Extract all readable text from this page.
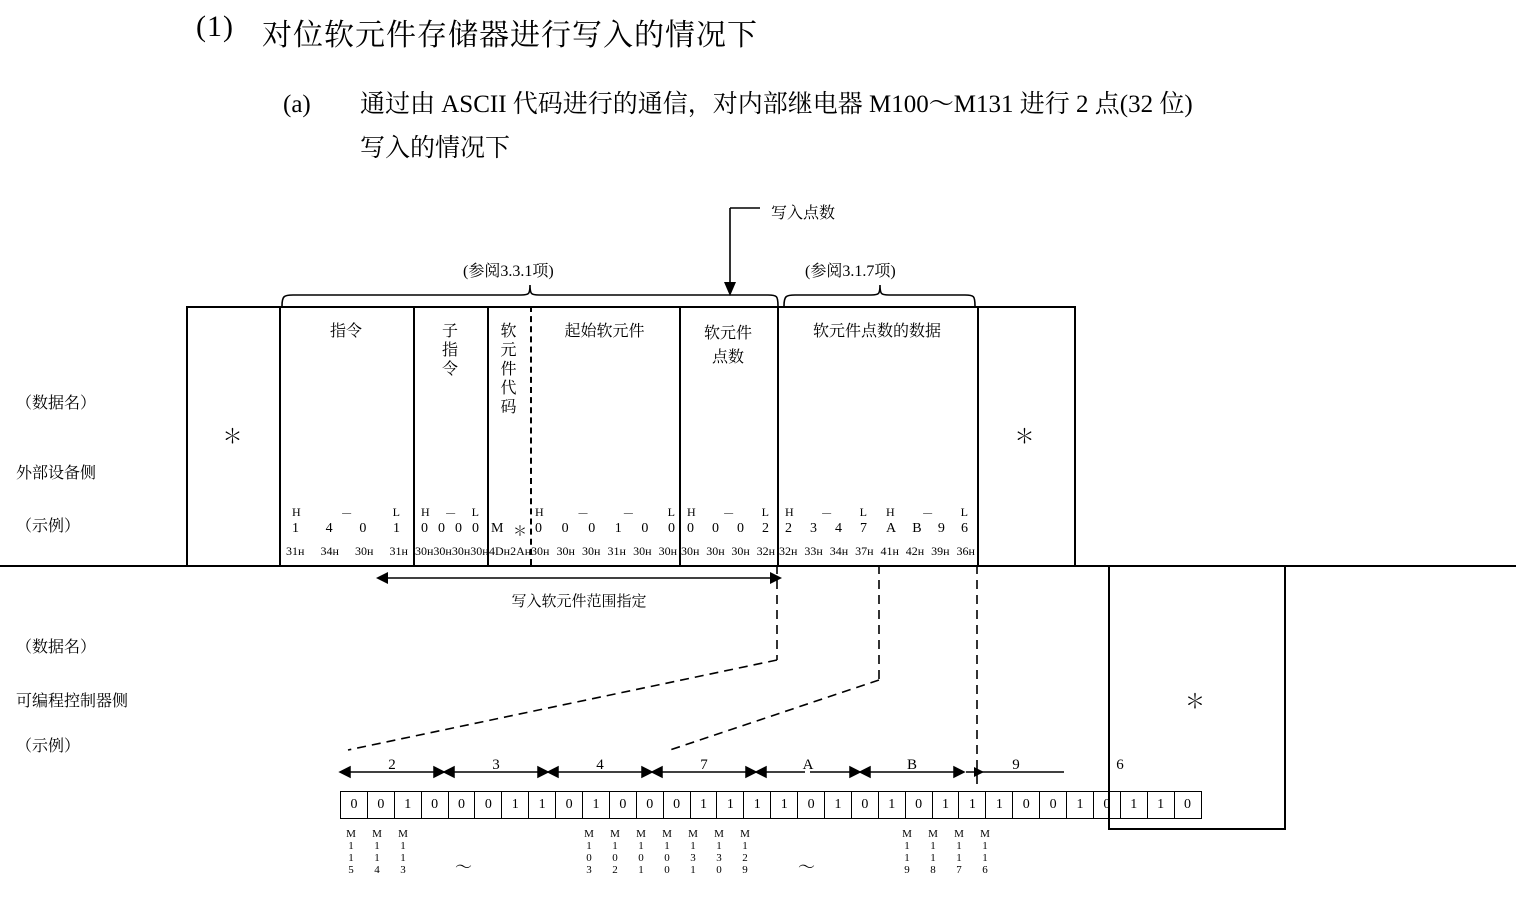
(1) 对位软元件存储器进行写入的情况下
(a) 通过由 ASCII 代码进行的通信，对内部继电器 M100～M131 进行 2 点(32 位)
写入的情况下
写入点数
(参阅3.3.1项)	(参阅3.1.7项)
（数据名）
外部设备侧
（示例）
（数据名）
可编程控制器侧
（示例）
＊	＊
指令	子
指
令
软
元
件
代
码
起始软元件	软元件
点数
软元件点数的数据
H	－	L
1 4 0 1
31н 34н 30н 31н
H － L
0 0 0 0
30н 30н 30н 30н
M ＊
4Dн 2Aн
H	－	－	L
0 0 0 1 0 0
30н 30н 30н 31н 30н 30н
H － L
0 0 0 2
30н 30н 30н 32н
H － L
2 3 4 7
H － L
A B 9 6
32н 33н 34н 37н 41н 42н 39н 36н
写入软元件范围指定
＊
2	3	4	7	A	B	9	6
0	0	1	0	0	0	1	1	0	1	0	0	0	1	1	1	1	0	1	0	1	0	1	1	1	0	0	1	0	1	1	0
M
1
1
5
M
1
1
4
M
1
1
3	～
M
1
0
3
M
1
0
2
M
1
0
1
M
1
0
0
M
1
3
1
M
1
3
0
M
1
2
9	～
M
1
1
9
M
1
1
8
M
1
1
7
M
1
1
6
